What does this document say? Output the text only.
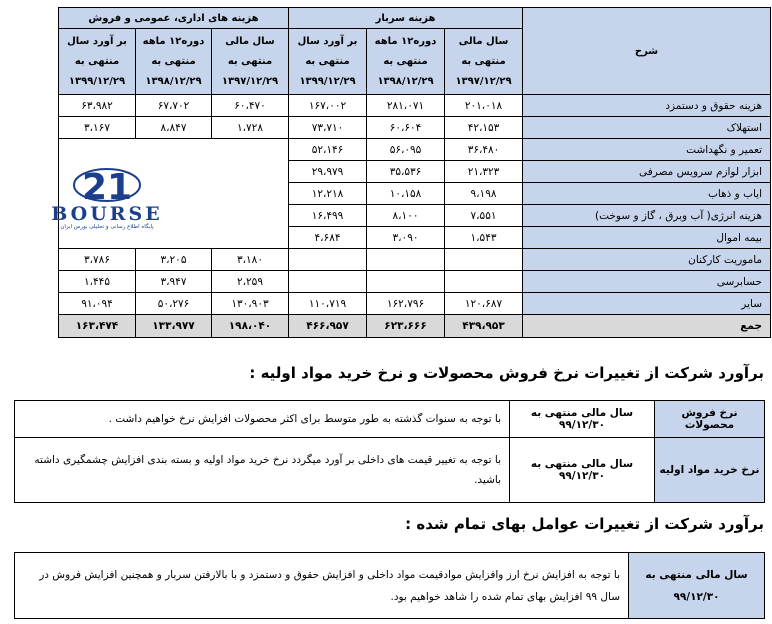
شرح	هزینه سربار			هزینه های اداری، عمومی و فروش		
	سال مالی منتهی به ۱۳۹۷/۱۲/۲۹	دوره۱۲ ماهه منتهی به ۱۳۹۸/۱۲/۲۹	بر آورد سال منتهی به ۱۳۹۹/۱۲/۲۹	سال مالی منتهی به ۱۳۹۷/۱۲/۲۹	دوره۱۲ ماهه منتهی به ۱۳۹۸/۱۲/۲۹	بر آورد سال منتهی به ۱۳۹۹/۱۲/۲۹
هزینه حقوق و دستمزد	۲۰۱،۰۱۸	۲۸۱،۰۷۱	۱۶۷،۰۰۲	۶۰،۴۷۰	۶۷،۷۰۲	۶۳،۹۸۲
استهلاک	۴۲،۱۵۳	۶۰،۶۰۴	۷۳،۷۱۰	۱،۷۲۸	۸،۸۴۷	۳،۱۶۷
تعمیر و نگهداشت	۳۶،۴۸۰	۵۶،۰۹۵	۵۲،۱۴۶			
ابزار لوازم سرویس مصرفی	۲۱،۳۲۳	۳۵،۵۳۶	۲۹،۹۷۹			
ایاب و ذهاب	۹،۱۹۸	۱۰،۱۵۸	۱۲،۲۱۸			
هزینه انرژی( آب وبرق ، گاز و سوخت)	۷،۵۵۱	۸،۱۰۰	۱۶،۴۹۹			
بیمه اموال	۱،۵۴۳	۳،۰۹۰	۴،۶۸۴			
ماموریت کارکنان				۳،۱۸۰	۳،۲۰۵	۳،۷۸۶
حسابرسی				۲،۲۵۹	۳،۹۴۷	۱،۴۴۵
سایر	۱۲۰،۶۸۷	۱۶۲،۷۹۶	۱۱۰،۷۱۹	۱۳۰،۹۰۳	۵۰،۲۷۶	۹۱،۰۹۴
جمع	۴۳۹،۹۵۳	۶۲۳،۶۶۶	۴۶۶،۹۵۷	۱۹۸،۰۴۰	۱۳۳،۹۷۷	۱۶۳،۴۷۴
21
BOURSE
پایگاه اطلاع رسانی و تحلیلی بورس ایران
برآورد شرکت از تغییرات نرخ فروش محصولات و نرخ خرید مواد اولیه :
نرخ فروش محصولات	سال مالی منتهی به ۹۹/۱۲/۳۰	با توجه به سنوات گذشته به طور متوسط برای اکثر محصولات افزایش نرخ خواهیم داشت .
نرخ خرید مواد اولیه	سال مالی منتهی به ۹۹/۱۲/۳۰	با توجه به تغییر قیمت های داخلی بر آورد میگردد نرخ خرید مواد اولیه و بسته بندی افزایش چشمگیری داشته باشید.
برآورد شرکت از تغییرات عوامل بهای تمام شده :
سال مالی منتهی به ۹۹/۱۲/۳۰	با توجه به افزایش نرخ ارز وافزایش موادقیمت مواد داخلی و افزایش حقوق و دستمزد و با بالارفتن سربار و همچنین افزایش فروش در سال ۹۹ افزایش بهای تمام شده را شاهد خواهیم بود.
